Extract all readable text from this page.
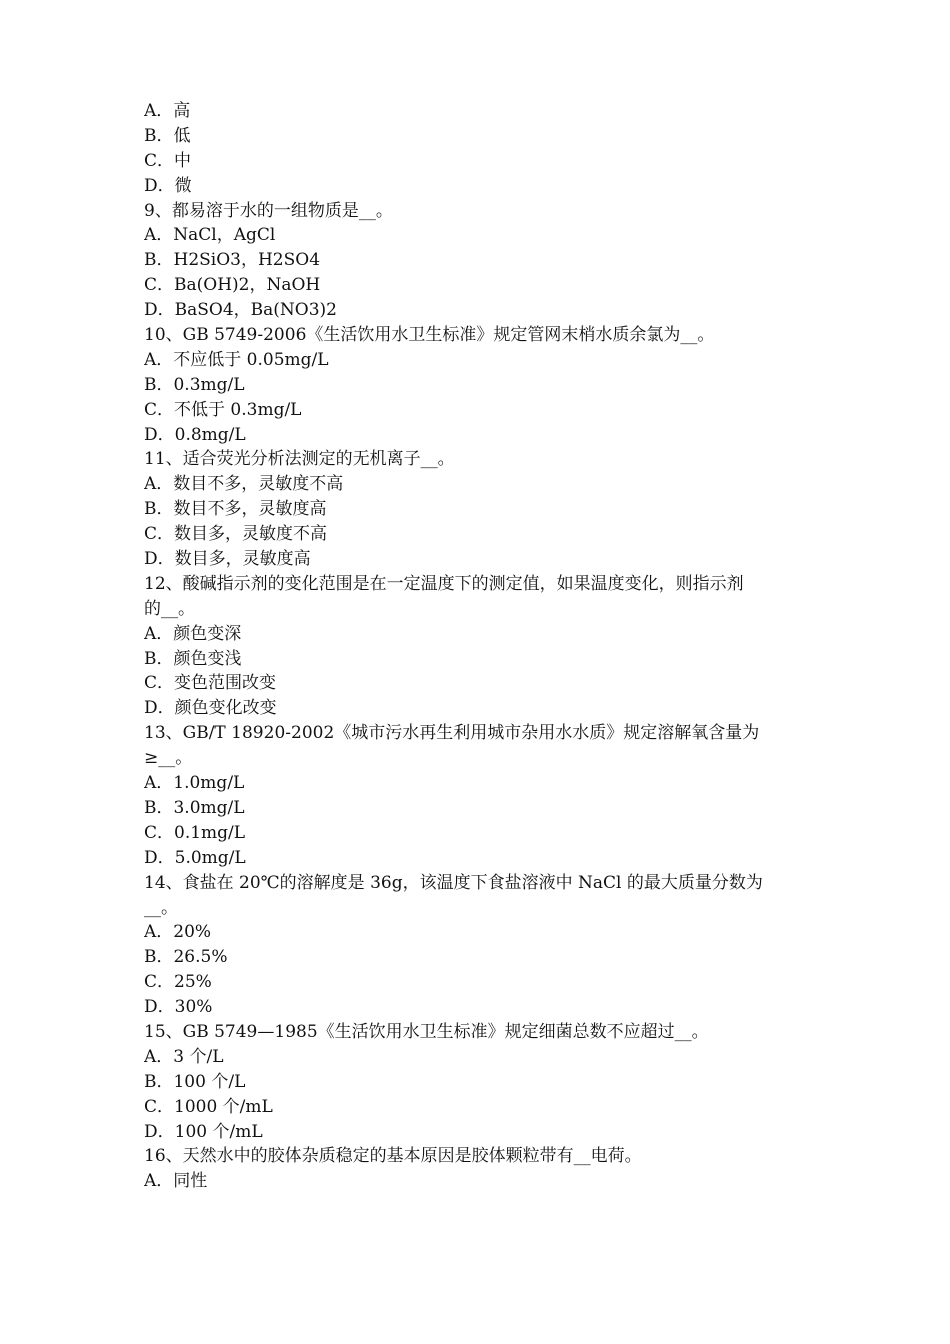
A．高
B．低
C．中
D．微
9、都易溶于水的一组物质是__。
A．NaCl，AgCl
B．H2SiO3，H2SO4
C．Ba(OH)2，NaOH
D．BaSO4，Ba(NO3)2
10、GB 5749-2006《生活饮用水卫生标准》规定管网末梢水质余氯为__。
A．不应低于 0.05mg/L
B．0.3mg/L
C．不低于 0.3mg/L
D．0.8mg/L
11、适合荧光分析法测定的无机离子__。
A．数目不多，灵敏度不高
B．数目不多，灵敏度高
C．数目多，灵敏度不高
D．数目多，灵敏度高
12、酸碱指示剂的变化范围是在一定温度下的测定值，如果温度变化，则指示剂
的__。
A．颜色变深
B．颜色变浅
C．变色范围改变
D．颜色变化改变
13、GB/T 18920-2002《城市污水再生利用城市杂用水水质》规定溶解氧含量为
≥__。
A．1.0mg/L
B．3.0mg/L
C．0.1mg/L
D．5.0mg/L
14、食盐在 20℃的溶解度是 36g，该温度下食盐溶液中 NaCl 的最大质量分数为
__。
A．20%
B．26.5%
C．25%
D．30%
15、GB 5749—1985《生活饮用水卫生标准》规定细菌总数不应超过__。
A．3 个/L
B．100 个/L
C．1000 个/mL
D．100 个/mL
16、天然水中的胶体杂质稳定的基本原因是胶体颗粒带有__电荷。
A．同性
